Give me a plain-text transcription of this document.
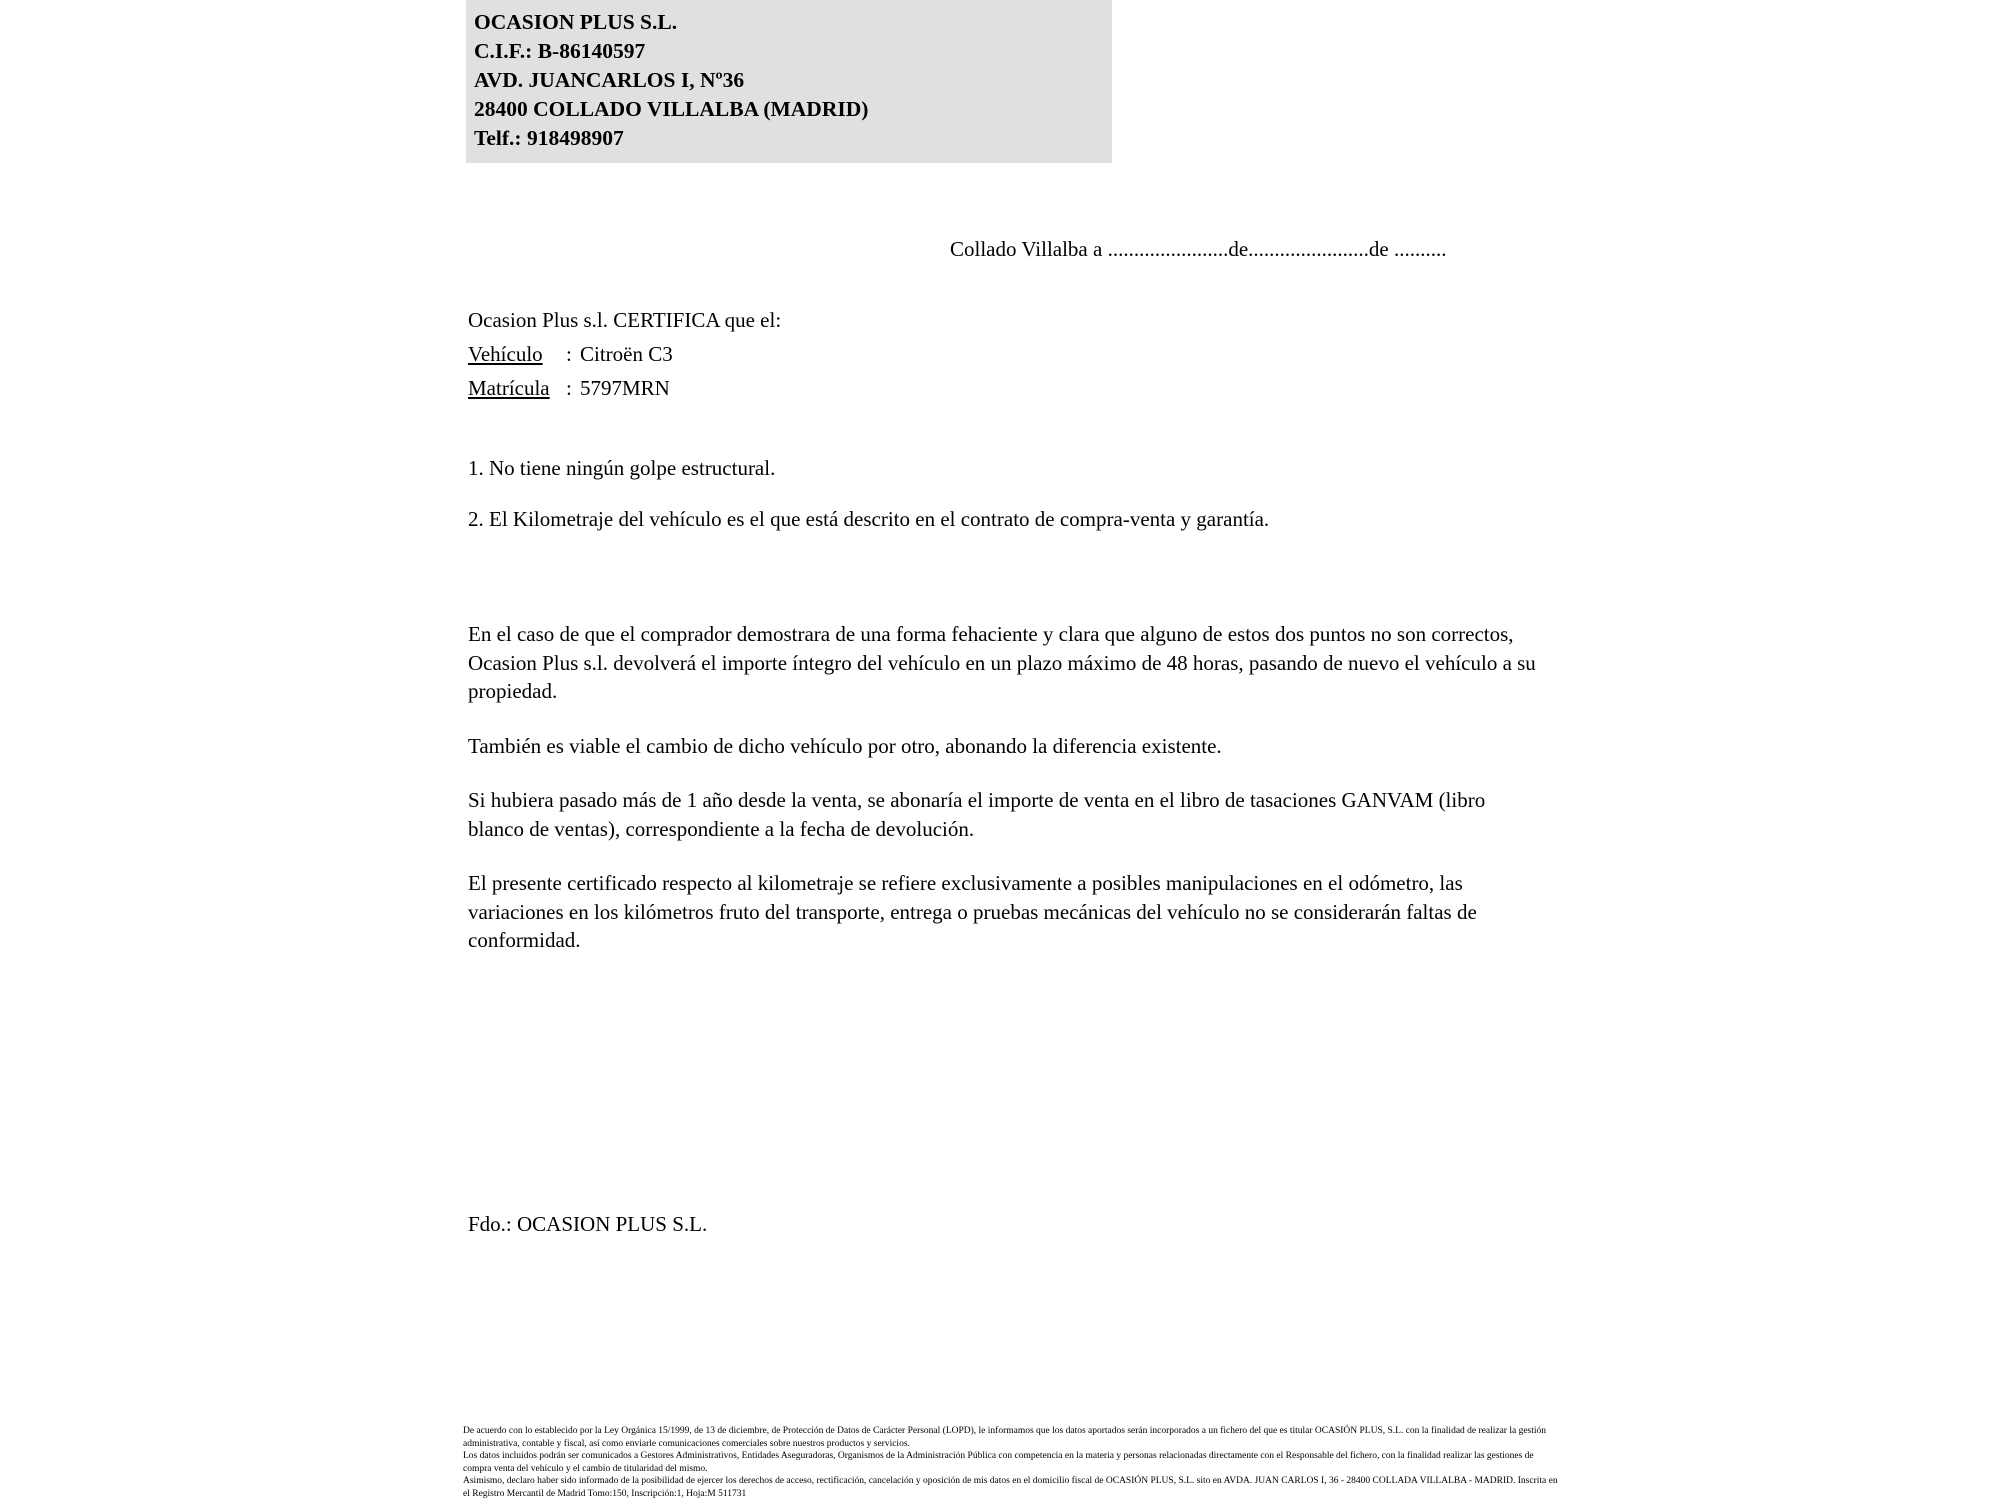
OCASION PLUS S.L.
C.I.F.: B-86140597
AVD. JUANCARLOS I, Nº36
28400 COLLADO VILLALBA (MADRID)
Telf.: 918498907
Collado Villalba a .......................de.......................de ..........
Ocasion Plus s.l. CERTIFICA que el:
Vehículo : Citroën C3
Matrícula : 5797MRN
1. No tiene ningún golpe estructural.
2. El Kilometraje del vehículo es el que está descrito en el contrato de compra-venta y garantía.

En el caso de que el comprador demostrara de una forma fehaciente y clara que alguno de estos dos puntos no son correctos, Ocasion Plus s.l. devolverá el importe íntegro del vehículo en un plazo máximo de 48 horas, pasando de nuevo el vehículo a su propiedad.

También es viable el cambio de dicho vehículo por otro, abonando la diferencia existente.

Si hubiera pasado más de 1 año desde la venta, se abonaría el importe de venta en el libro de tasaciones GANVAM (libro blanco de ventas), correspondiente a la fecha de devolución.

El presente certificado respecto al kilometraje se refiere exclusivamente a posibles manipulaciones en el odómetro, las variaciones en los kilómetros fruto del transporte, entrega o pruebas mecánicas del vehículo no se considerarán faltas de conformidad.

Fdo.: OCASION PLUS S.L.

De acuerdo con lo establecido por la Ley Orgánica 15/1999, de 13 de diciembre, de Protección de Datos de Carácter Personal (LOPD), le informamos que los datos aportados serán incorporados a un fichero del que es titular OCASIÓN PLUS, S.L. con la finalidad de realizar la gestión administrativa, contable y fiscal, así como enviarle comunicaciones comerciales sobre nuestros productos y servicios.

Los datos incluidos podrán ser comunicados a Gestores Administrativos, Entidades Aseguradoras, Organismos de la Administración Pública con competencia en la materia y personas relacionadas directamente con el Responsable del fichero, con la finalidad realizar las gestiones de compra venta del vehículo y el cambio de titularidad del mismo.

Asimismo, declaro haber sido informado de la posibilidad de ejercer los derechos de acceso, rectificación, cancelación y oposición de mis datos en el domicilio fiscal de OCASIÓN PLUS, S.L. sito en AVDA. JUAN CARLOS I, 36 - 28400 COLLADA VILLALBA - MADRID. Inscrita en el Registro Mercantil de Madrid Tomo:150, Inscripción:1, Hoja:M 511731
